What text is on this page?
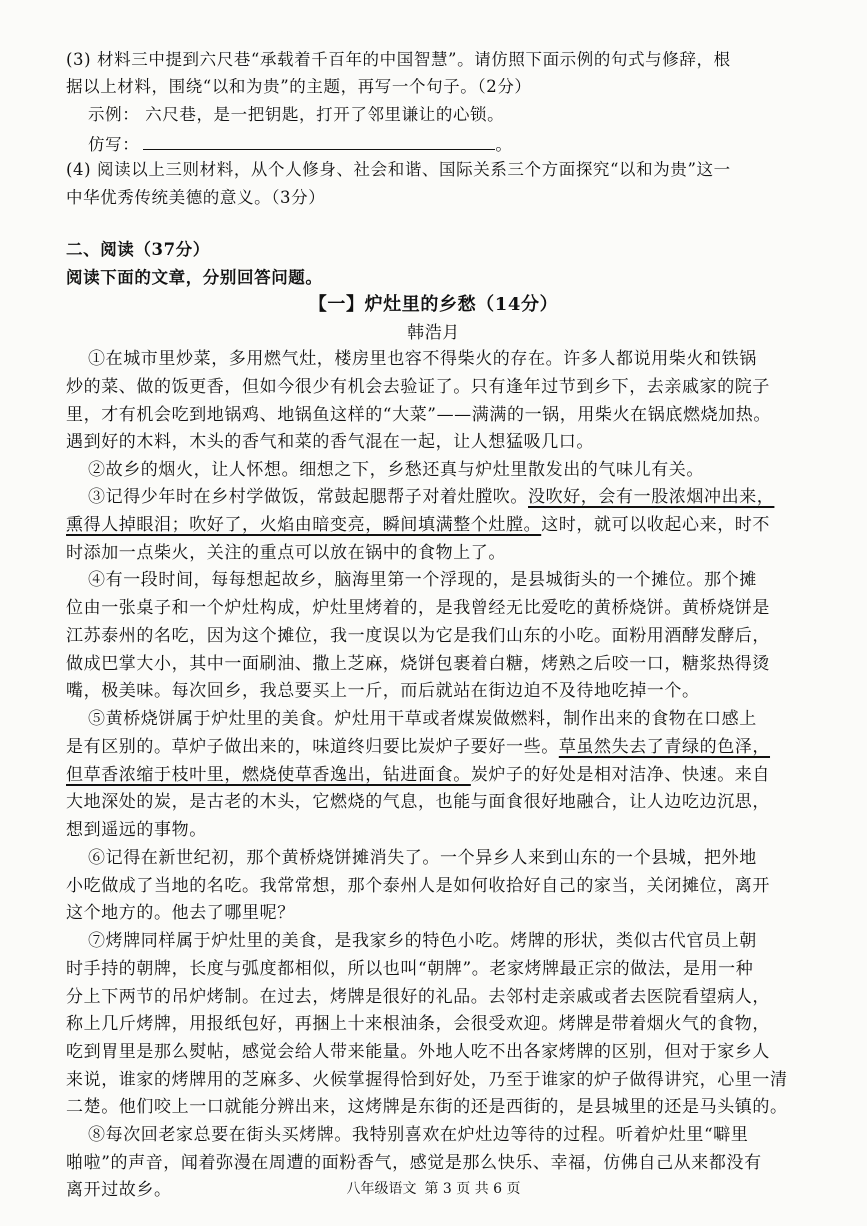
(3) 材料三中提到六尺巷“承载着千百年的中国智慧”。请仿照下面示例的句式与修辞，根
据以上材料，围绕“以和为贵”的主题，再写一个句子。（2分）
示例： 六尺巷，是一把钥匙，打开了邻里谦让的心锁。
仿写：	。
(4) 阅读以上三则材料，从个人修身、社会和谐、国际关系三个方面探究“以和为贵”这一
中华优秀传统美德的意义。（3分）
二、阅读（37分）
阅读下面的文章，分别回答问题。
【一】炉灶里的乡愁（14分）
韩浩月
①在城市里炒菜，多用燃气灶，楼房里也容不得柴火的存在。许多人都说用柴火和铁锅
炒的菜、做的饭更香，但如今很少有机会去验证了。只有逢年过节到乡下，去亲戚家的院子
里，才有机会吃到地锅鸡、地锅鱼这样的“大菜”——满满的一锅，用柴火在锅底燃烧加热。
遇到好的木料，木头的香气和菜的香气混在一起，让人想猛吸几口。
②故乡的烟火，让人怀想。细想之下，乡愁还真与炉灶里散发出的气味儿有关。
③记得少年时在乡村学做饭，常鼓起腮帮子对着灶膛吹。没吹好，会有一股浓烟冲出来，
熏得人掉眼泪；吹好了，火焰由暗变亮，瞬间填满整个灶膛。这时，就可以收起心来，时不
时添加一点柴火，关注的重点可以放在锅中的食物上了。
④有一段时间，每每想起故乡，脑海里第一个浮现的，是县城街头的一个摊位。那个摊
位由一张桌子和一个炉灶构成，炉灶里烤着的，是我曾经无比爱吃的黄桥烧饼。黄桥烧饼是
江苏泰州的名吃，因为这个摊位，我一度误以为它是我们山东的小吃。面粉用酒酵发酵后，
做成巴掌大小，其中一面刷油、撒上芝麻，烧饼包裹着白糖，烤熟之后咬一口，糖浆热得烫
嘴，极美味。每次回乡，我总要买上一斤，而后就站在街边迫不及待地吃掉一个。
⑤黄桥烧饼属于炉灶里的美食。炉灶用干草或者煤炭做燃料，制作出来的食物在口感上
是有区别的。草炉子做出来的，味道终归要比炭炉子要好一些。草虽然失去了青绿的色泽，
但草香浓缩于枝叶里，燃烧使草香逸出，钻进面食。炭炉子的好处是相对洁净、快速。来自
大地深处的炭，是古老的木头，它燃烧的气息，也能与面食很好地融合，让人边吃边沉思，
想到遥远的事物。
⑥记得在新世纪初，那个黄桥烧饼摊消失了。一个异乡人来到山东的一个县城，把外地
小吃做成了当地的名吃。我常常想，那个泰州人是如何收拾好自己的家当，关闭摊位，离开
这个地方的。他去了哪里呢？
⑦烤牌同样属于炉灶里的美食，是我家乡的特色小吃。烤牌的形状，类似古代官员上朝
时手持的朝牌，长度与弧度都相似，所以也叫“朝牌”。老家烤牌最正宗的做法，是用一种
分上下两节的吊炉烤制。在过去，烤牌是很好的礼品。去邻村走亲戚或者去医院看望病人，
称上几斤烤牌，用报纸包好，再捆上十来根油条，会很受欢迎。烤牌是带着烟火气的食物，
吃到胃里是那么熨帖，感觉会给人带来能量。外地人吃不出各家烤牌的区别，但对于家乡人
来说，谁家的烤牌用的芝麻多、火候掌握得恰到好处，乃至于谁家的炉子做得讲究，心里一清
二楚。他们咬上一口就能分辨出来，这烤牌是东街的还是西街的，是县城里的还是马头镇的。
⑧每次回老家总要在街头买烤牌。我特别喜欢在炉灶边等待的过程。听着炉灶里“噼里
啪啦”的声音，闻着弥漫在周遭的面粉香气，感觉是那么快乐、幸福，仿佛自己从来都没有
八年级语文 第 3 页 共 6 页
离开过故乡。
